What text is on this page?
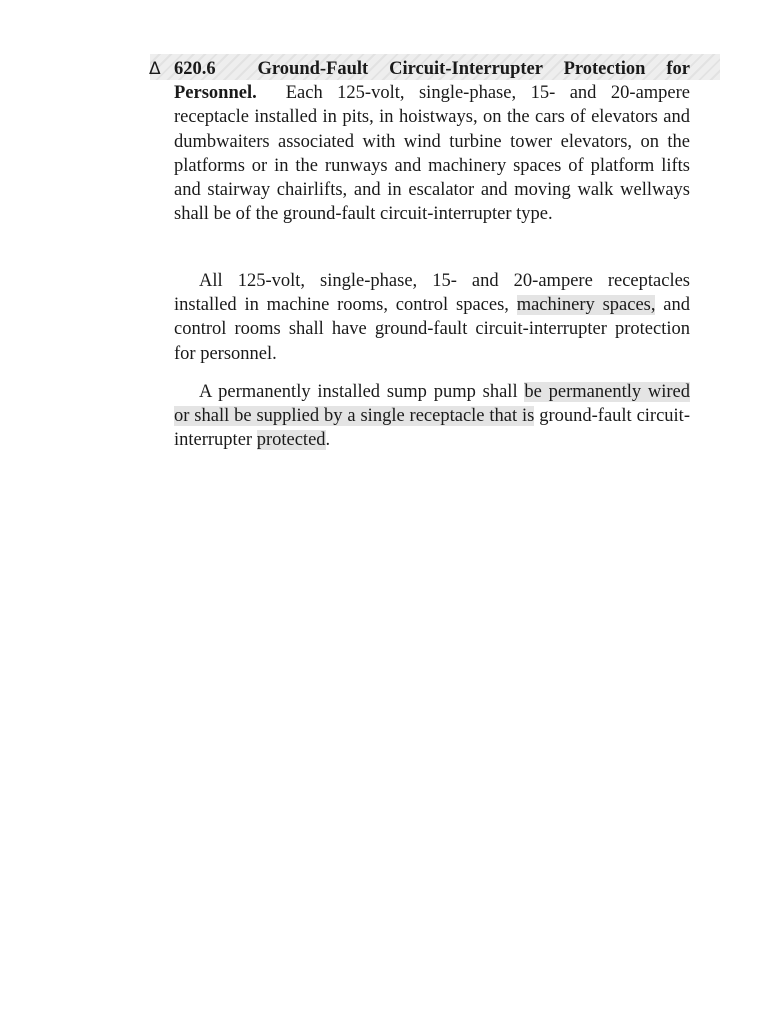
Δ 620.6 Ground-Fault Circuit-Interrupter Protection for Personnel. Each 125-volt, single-phase, 15- and 20-ampere receptacle installed in pits, in hoistways, on the cars of elevators and dumbwaiters associated with wind turbine tower elevators, on the platforms or in the runways and machinery spaces of platform lifts and stairway chairlifts, and in escalator and moving walk wellways shall be of the ground-fault circuit-interrupter type.

All 125-volt, single-phase, 15- and 20-ampere receptacles installed in machine rooms, control spaces, machinery spaces, and control rooms shall have ground-fault circuit-interrupter protection for personnel.

A permanently installed sump pump shall be permanently wired or shall be supplied by a single receptacle that is ground-fault circuit-interrupter protected.
